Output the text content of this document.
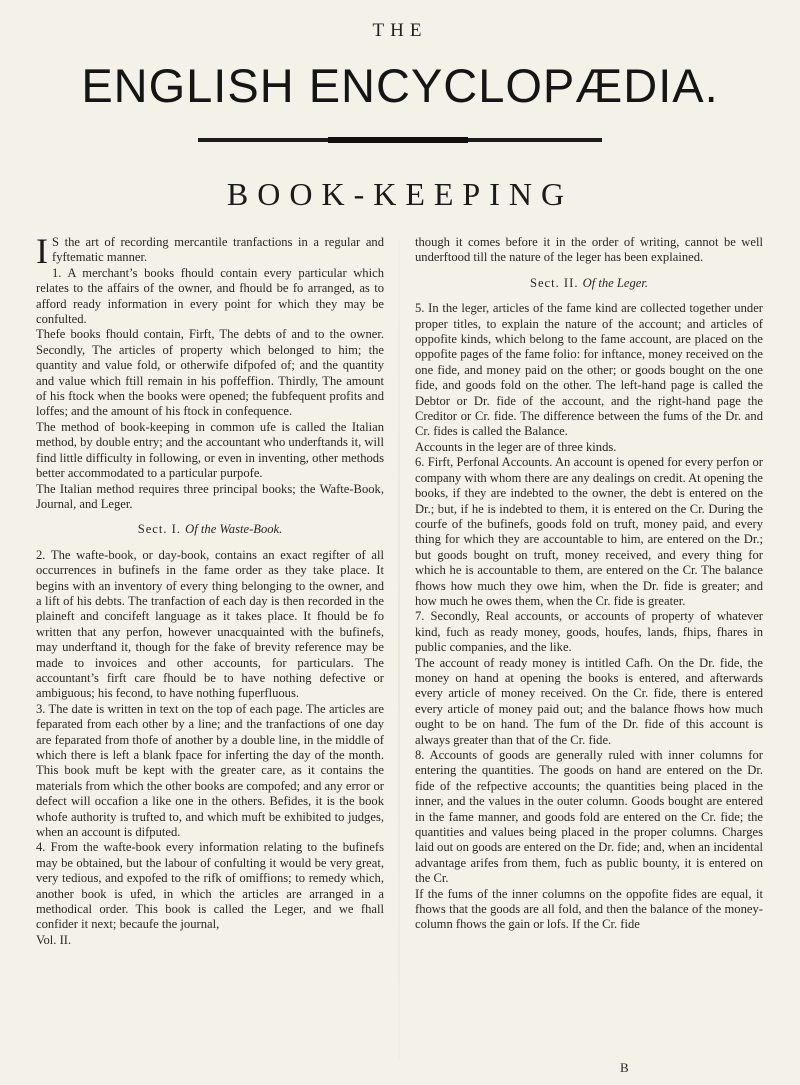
THE
ENGLISH ENCYCLOPÆDIA.
BOOK-KEEPING

I S the art of recording mercantile tranfactions in a regular and fyftematic manner.

1. A merchant’s books fhould contain every particular which relates to the affairs of the owner, and fhould be fo arranged, as to afford ready information in every point for which they may be confulted.

Thefe books fhould contain, Firft, The debts of and to the owner. Secondly, The articles of property which belonged to him; the quantity and value fold, or otherwife difpofed of; and the quantity and value which ftill remain in his poffeffion. Thirdly, The amount of his ftock when the books were opened; the fubfequent profits and loffes; and the amount of his ftock in confequence.

The method of book-keeping in common ufe is called the Italian method, by double entry; and the accountant who underftands it, will find little difficulty in following, or even in inventing, other methods better accommodated to a particular purpofe.

The Italian method requires three principal books; the Wafte-Book, Journal, and Leger.

Sect. I. Of the Waste-Book.

2. The wafte-book, or day-book, contains an exact regifter of all occurrences in bufinefs in the fame order as they take place. It begins with an inventory of every thing belonging to the owner, and a lift of his debts. The tranfaction of each day is then recorded in the plaineft and concifeft language as it takes place. It fhould be fo written that any perfon, however unacquainted with the bufinefs, may underftand it, though for the fake of brevity reference may be made to invoices and other accounts, for particulars. The accountant’s firft care fhould be to have nothing defective or ambiguous; his fecond, to have nothing fuperfluous.

3. The date is written in text on the top of each page. The articles are feparated from each other by a line; and the tranfactions of one day are feparated from thofe of another by a double line, in the middle of which there is left a blank fpace for inferting the day of the month. This book muft be kept with the greater care, as it contains the materials from which the other books are compofed; and any error or defect will occafion a like one in the others. Befides, it is the book whofe authority is trufted to, and which muft be exhibited to judges, when an account is difputed.

4. From the wafte-book every information relating to the bufinefs may be obtained, but the labour of confulting it would be very great, very tedious, and expofed to the rifk of omiffions; to remedy which, another book is ufed, in which the articles are arranged in a methodical order. This book is called the Leger, and we fhall confider it next; becaufe the journal,

Vol. II.

though it comes before it in the order of writing, cannot be well underftood till the nature of the leger has been explained.

Sect. II. Of the Leger.

5. In the leger, articles of the fame kind are collected together under proper titles, to explain the nature of the account; and articles of oppofite kinds, which belong to the fame account, are placed on the oppofite pages of the fame folio: for inftance, money received on the one fide, and money paid on the other; or goods bought on the one fide, and goods fold on the other. The left-hand page is called the Debtor or Dr. fide of the account, and the right-hand page the Creditor or Cr. fide. The difference between the fums of the Dr. and Cr. fides is called the Balance.

Accounts in the leger are of three kinds.

6. Firft, Perfonal Accounts. An account is opened for every perfon or company with whom there are any dealings on credit. At opening the books, if they are indebted to the owner, the debt is entered on the Dr.; but, if he is indebted to them, it is entered on the Cr. During the courfe of the bufinefs, goods fold on truft, money paid, and every thing for which they are accountable to him, are entered on the Dr.; but goods bought on truft, money received, and every thing for which he is accountable to them, are entered on the Cr. The balance fhows how much they owe him, when the Dr. fide is greater; and how much he owes them, when the Cr. fide is greater.

7. Secondly, Real accounts, or accounts of property of whatever kind, fuch as ready money, goods, houfes, lands, fhips, fhares in public companies, and the like.

The account of ready money is intitled Cafh. On the Dr. fide, the money on hand at opening the books is entered, and afterwards every article of money received. On the Cr. fide, there is entered every article of money paid out; and the balance fhows how much ought to be on hand. The fum of the Dr. fide of this account is always greater than that of the Cr. fide.

8. Accounts of goods are generally ruled with inner columns for entering the quantities. The goods on hand are entered on the Dr. fide of the refpective accounts; the quantities being placed in the inner, and the values in the outer column. Goods bought are entered in the fame manner, and goods fold are entered on the Cr. fide; the quantities and values being placed in the proper columns. Charges laid out on goods are entered on the Dr. fide; and, when an incidental advantage arifes from them, fuch as public bounty, it is entered on the Cr.

If the fums of the inner columns on the oppofite fides are equal, it fhows that the goods are all fold, and then the balance of the money-column fhows the gain or lofs. If the Cr. fide

B
